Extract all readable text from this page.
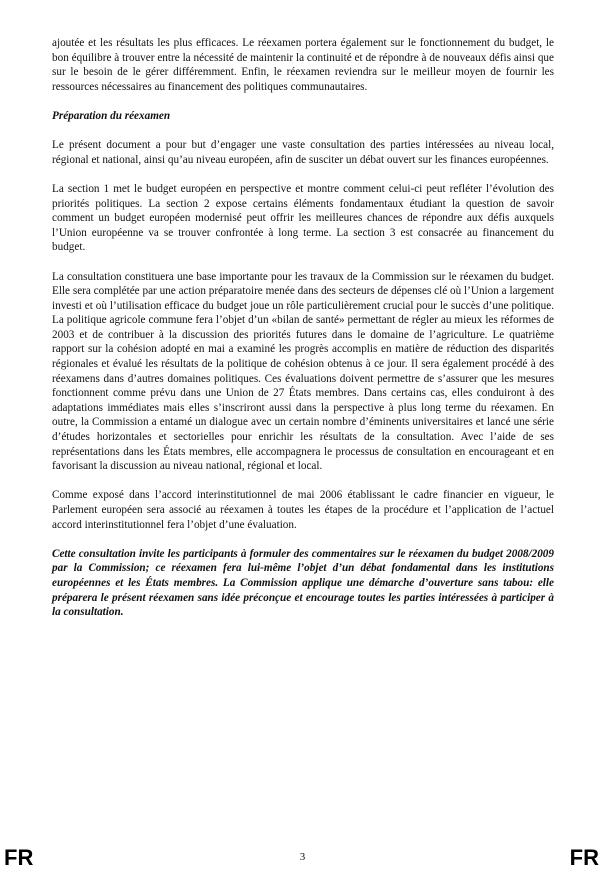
ajoutée et les résultats les plus efficaces. Le réexamen portera également sur le fonctionnement du budget, le bon équilibre à trouver entre la nécessité de maintenir la continuité et de répondre à de nouveaux défis ainsi que sur le besoin de le gérer différemment. Enfin, le réexamen reviendra sur le meilleur moyen de fournir les ressources nécessaires au financement des politiques communautaires.

Préparation du réexamen

Le présent document a pour but d’engager une vaste consultation des parties intéressées au niveau local, régional et national, ainsi qu’au niveau européen, afin de susciter un débat ouvert sur les finances européennes.

La section 1 met le budget européen en perspective et montre comment celui-ci peut refléter l’évolution des priorités politiques. La section 2 expose certains éléments fondamentaux étudiant la question de savoir comment un budget européen modernisé peut offrir les meilleures chances de répondre aux défis auxquels l’Union européenne va se trouver confrontée à long terme. La section 3 est consacrée au financement du budget.

La consultation constituera une base importante pour les travaux de la Commission sur le réexamen du budget. Elle sera complétée par une action préparatoire menée dans des secteurs de dépenses clé où l’Union a largement investi et où l’utilisation efficace du budget joue un rôle particulièrement crucial pour le succès d’une politique. La politique agricole commune fera l’objet d’un «bilan de santé» permettant de régler au mieux les réformes de 2003 et de contribuer à la discussion des priorités futures dans le domaine de l’agriculture. Le quatrième rapport sur la cohésion adopté en mai a examiné les progrès accomplis en matière de réduction des disparités régionales et évalué les résultats de la politique de cohésion obtenus à ce jour. Il sera également procédé à des réexamens dans d’autres domaines politiques. Ces évaluations doivent permettre de s’assurer que les mesures fonctionnent comme prévu dans une Union de 27 États membres. Dans certains cas, elles conduiront à des adaptations immédiates mais elles s’inscriront aussi dans la perspective à plus long terme du réexamen. En outre, la Commission a entamé un dialogue avec un certain nombre d’éminents universitaires et lancé une série d’études horizontales et sectorielles pour enrichir les résultats de la consultation. Avec l’aide de ses représentations dans les États membres, elle accompagnera le processus de consultation en encourageant et en favorisant la discussion au niveau national, régional et local.

Comme exposé dans l’accord interinstitutionnel de mai 2006 établissant le cadre financier en vigueur, le Parlement européen sera associé au réexamen à toutes les étapes de la procédure et l’application de l’actuel accord interinstitutionnel fera l’objet d’une évaluation.

Cette consultation invite les participants à formuler des commentaires sur le réexamen du budget 2008/2009 par la Commission; ce réexamen fera lui-même l’objet d’un débat fondamental dans les institutions européennes et les États membres. La Commission applique une démarche d’ouverture sans tabou: elle préparera le présent réexamen sans idée préconçue et encourage toutes les parties intéressées à participer à la consultation.

FR	3	FR
